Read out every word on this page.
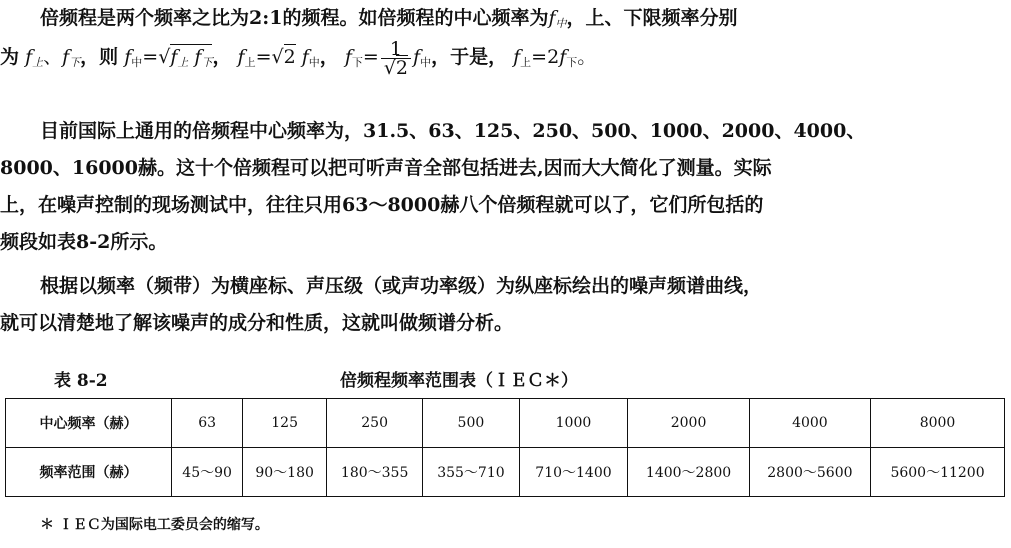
倍频程是两个频率之比为2:1的频程。如倍频程的中心频率为$f_中$，上、下限频率分别
为 $f_上$、$f_下$，则 $f_中=√f_上$ $f_下$， $f_上=√2$ $f_中$， $f_下= \frac{1}{√2} f_中$，于是， $f_上=2f_下$。
目前国际上通用的倍频程中心频率为，31.5、63、125、250、500、1000、2000、4000、
8000、16000赫。这十个倍频程可以把可听声音全部包括进去,因而大大简化了测量。实际
上，在噪声控制的现场测试中，往往只用63～8000赫八个倍频程就可以了，它们所包括的
频段如表8-2所示。
根据以频率（频带）为横座标、声压级（或声功率级）为纵座标绘出的噪声频谱曲线，
就可以清楚地了解该噪声的成分和性质，这就叫做频谱分析。
表 8-2	倍频程频率范围表（ＩＥＣ＊）
中心频率（赫）	63	125	250	500	1000	2000	4000	8000
频率范围（赫）	45～90	90～180	180～355	355～710	710～1400	1400～2800	2800～5600	5600～11200
＊ ＩＥＣ为国际电工委员会的缩写。
